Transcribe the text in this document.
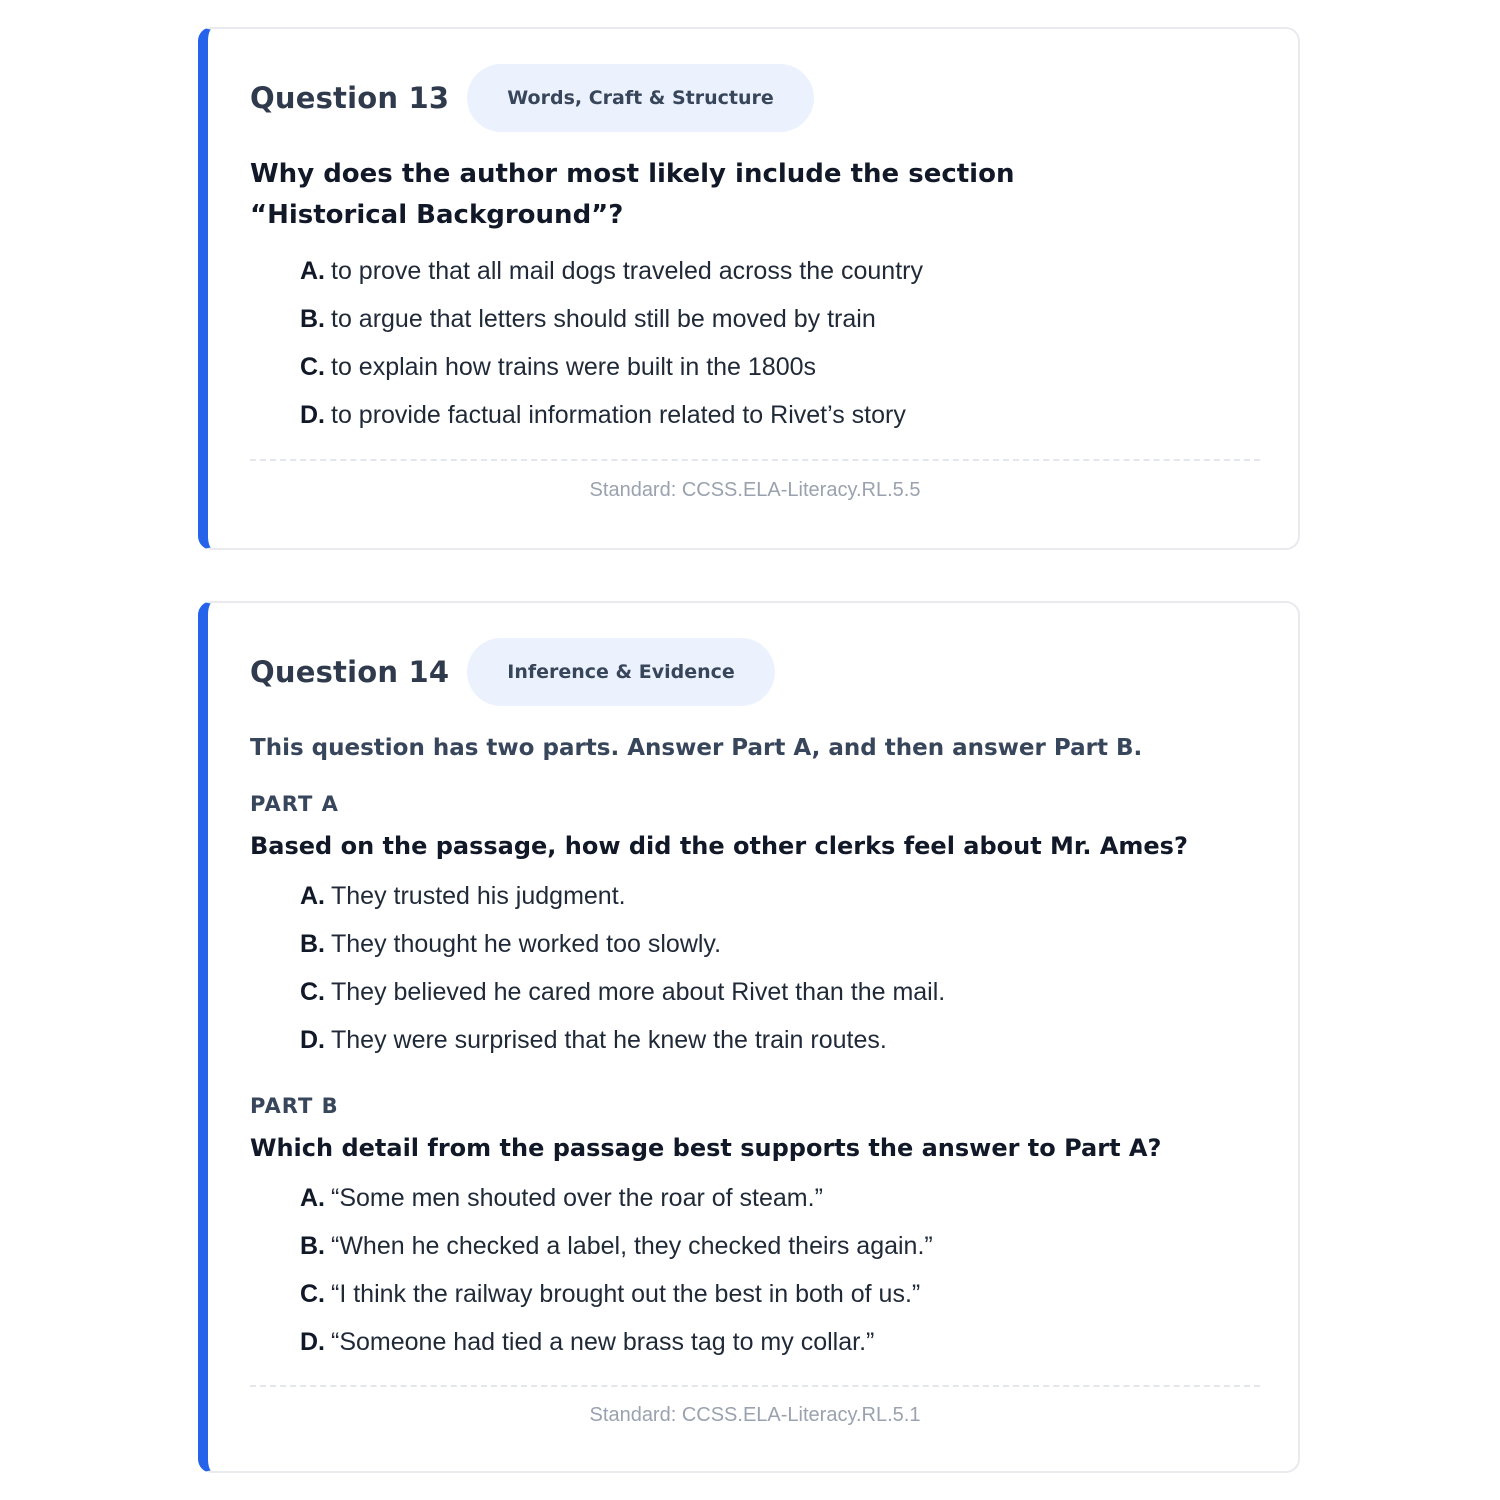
Question 13	Words, Craft & Structure
Why does the author most likely include the section “Historical Background”?
A. to prove that all mail dogs traveled across the country
B. to argue that letters should still be moved by train
C. to explain how trains were built in the 1800s
D. to provide factual information related to Rivet’s story
Standard: CCSS.ELA-Literacy.RL.5.5
Question 14	Inference & Evidence
This question has two parts. Answer Part A, and then answer Part B.
PART A
Based on the passage, how did the other clerks feel about Mr. Ames?
A. They trusted his judgment.
B. They thought he worked too slowly.
C. They believed he cared more about Rivet than the mail.
D. They were surprised that he knew the train routes.
PART B
Which detail from the passage best supports the answer to Part A?
A. “Some men shouted over the roar of steam.”
B. “When he checked a label, they checked theirs again.”
C. “I think the railway brought out the best in both of us.”
D. “Someone had tied a new brass tag to my collar.”
Standard: CCSS.ELA-Literacy.RL.5.1
